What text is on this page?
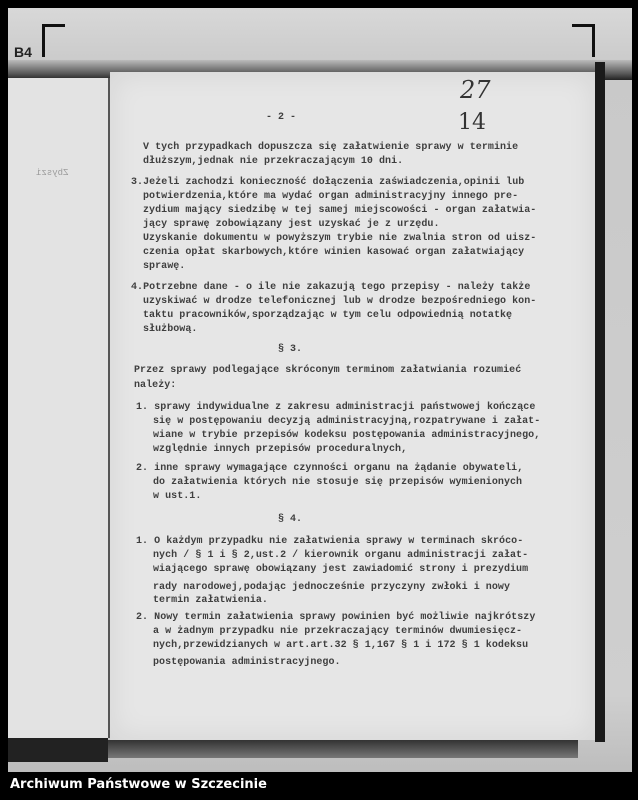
B4
Zbyszi
- 2 -
27
14
§ 3.
§ 4.
V tych przypadkach dopuszcza się załatwienie sprawy w terminie
dłuższym,jednak nie przekraczającym 10 dni.
3.Jeżeli zachodzi konieczność dołączenia zaświadczenia,opinii lub
potwierdzenia,które ma wydać organ administracyjny innego pre-
zydium mający siedzibę w tej samej miejscowości - organ załatwia-
jący sprawę zobowiązany jest uzyskać je z urzędu.
Uzyskanie dokumentu w powyższym trybie nie zwalnia stron od uisz-
czenia opłat skarbowych,które winien kasować organ załatwiający
sprawę.
4.Potrzebne dane - o ile nie zakazują tego przepisy - należy także
uzyskiwać w drodze telefonicznej lub w drodze bezpośredniego kon-
taktu pracowników,sporządzając w tym celu odpowiednią notatkę
służbową.
Przez sprawy podlegające skróconym terminom załatwiania rozumieć
należy:
1. sprawy indywidualne z zakresu administracji państwowej kończące
się w postępowaniu decyzją administracyjną,rozpatrywane i załat-
wiane w trybie przepisów kodeksu postępowania administracyjnego,
względnie innych przepisów proceduralnych,
2. inne sprawy wymagające czynności organu na żądanie obywateli,
do załatwienia których nie stosuje się przepisów wymienionych
w ust.1.
1. O każdym przypadku nie załatwienia sprawy w terminach skróco-
nych / § 1 i § 2,ust.2 / kierownik organu administracji załat-
wiającego sprawę obowiązany jest zawiadomić strony i prezydium
rady narodowej,podając jednocześnie przyczyny zwłoki i nowy
termin załatwienia.
2. Nowy termin załatwienia sprawy powinien być możliwie najkrótszy
a w żadnym przypadku nie przekraczający terminów dwumiesięcz-
nych,przewidzianych w art.art.32 § 1,167 § 1 i 172 § 1 kodeksu
postępowania administracyjnego.
Archiwum Państwowe w Szczecinie
